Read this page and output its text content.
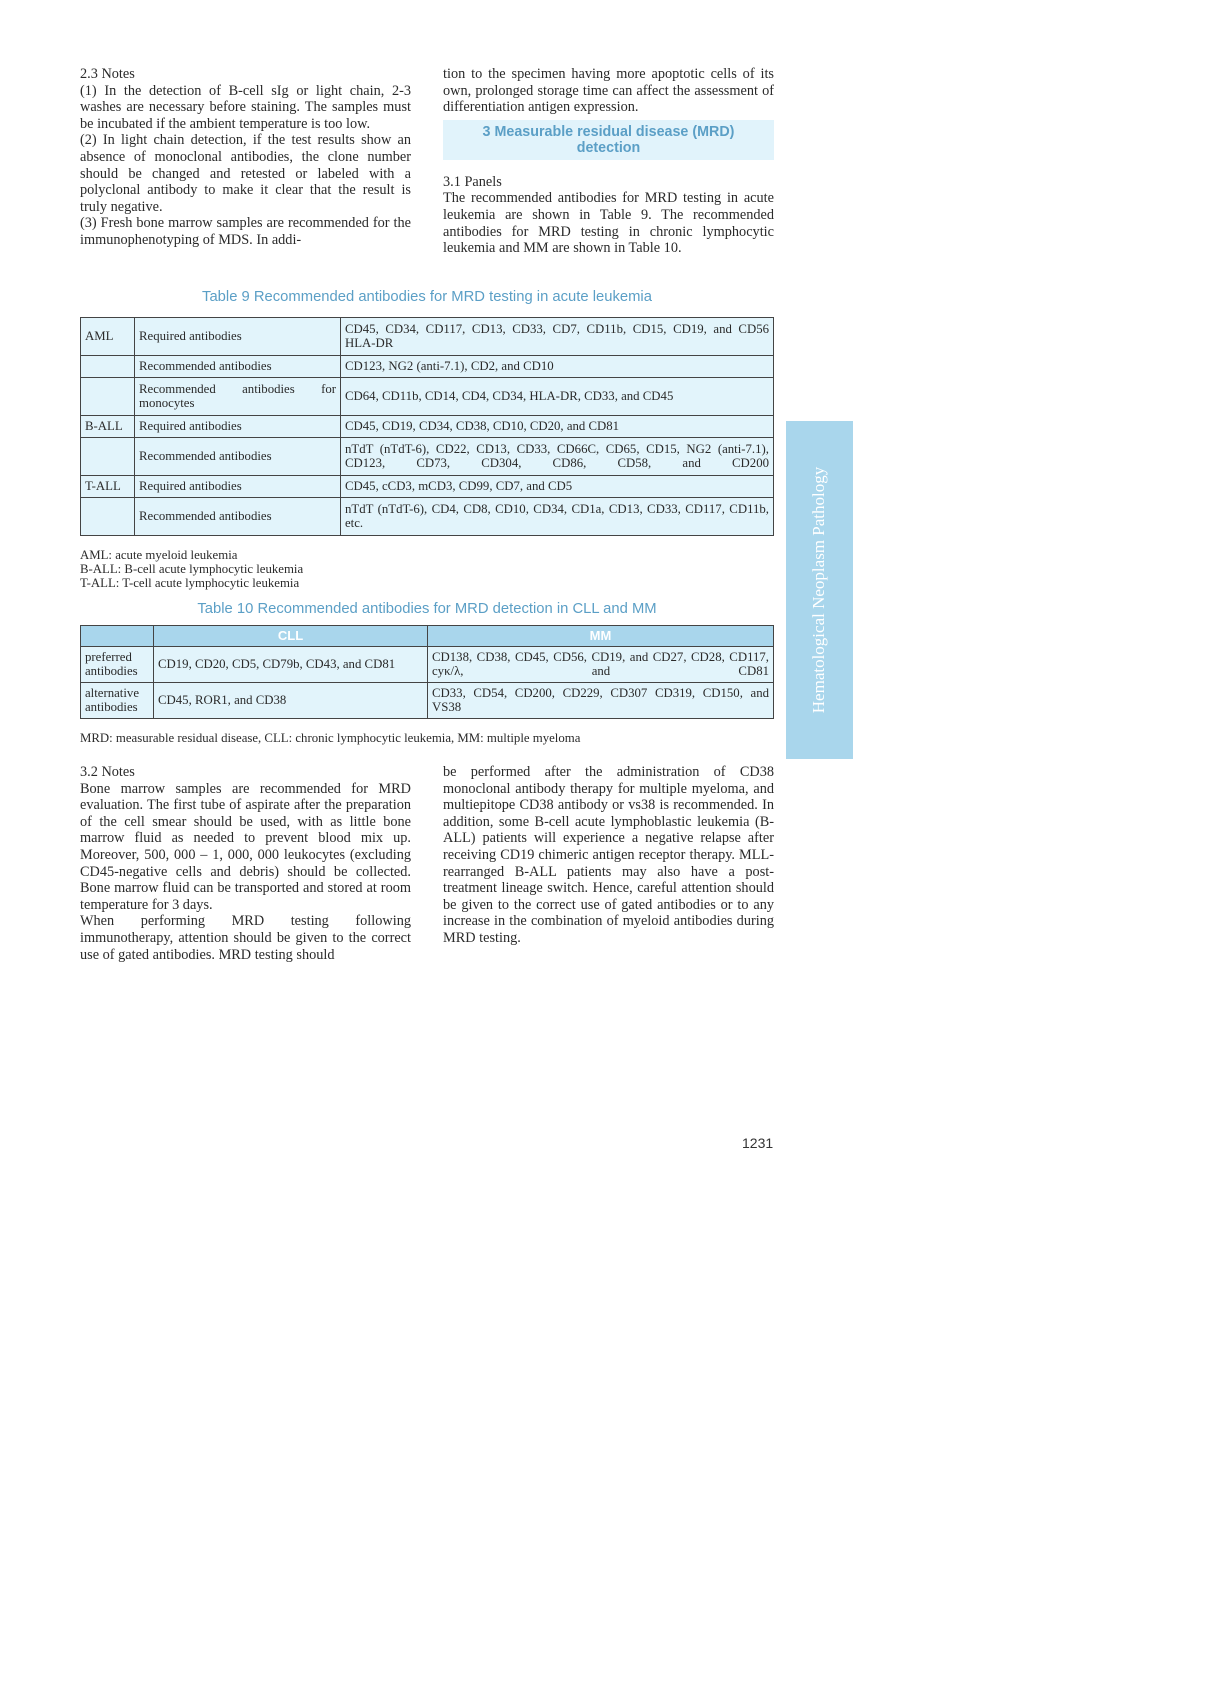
2.3 Notes

(1) In the detection of B-cell sIg or light chain, 2-3 washes are necessary before staining. The samples must be incubated if the ambient temperature is too low.

(2) In light chain detection, if the test results show an absence of monoclonal antibodies, the clone number should be changed and retested or labeled with a polyclonal antibody to make it clear that the result is truly negative.

(3) Fresh bone marrow samples are recommended for the immunophenotyping of MDS. In addi-

tion to the specimen having more apoptotic cells of its own, prolonged storage time can affect the assessment of differentiation antigen expression.

3 Measurable residual disease (MRD) detection

3.1 Panels

The recommended antibodies for MRD testing in acute leukemia are shown in Table 9. The recommended antibodies for MRD testing in chronic lymphocytic leukemia and MM are shown in Table 10.

Table 9 Recommended antibodies for MRD testing in acute leukemia
AML	Required antibodies	CD45, CD34, CD117, CD13, CD33, CD7, CD11b, CD15, CD19, and CD56 HLA-DR
	Recommended antibodies	CD123, NG2 (anti-7.1), CD2, and CD10
	Recommended antibodies for monocytes	CD64, CD11b, CD14, CD4, CD34, HLA-DR, CD33, and CD45
B-ALL	Required antibodies	CD45, CD19, CD34, CD38, CD10, CD20, and CD81
	Recommended antibodies	nTdT (nTdT-6), CD22, CD13, CD33, CD66C, CD65, CD15, NG2 (anti-7.1), CD123, CD73, CD304, CD86, CD58, and CD200
T-ALL	Required antibodies	CD45, cCD3, mCD3, CD99, CD7, and CD5
	Recommended antibodies	nTdT (nTdT-6), CD4, CD8, CD10, CD34, CD1a, CD13, CD33, CD117, CD11b, etc.
AML: acute myeloid leukemia
B-ALL: B-cell acute lymphocytic leukemia
T-ALL: T-cell acute lymphocytic leukemia
Table 10 Recommended antibodies for MRD detection in CLL and MM
	CLL	MM
preferred antibodies	CD19, CD20, CD5, CD79b, CD43, and CD81	CD138, CD38, CD45, CD56, CD19, and CD27, CD28, CD117, cyκ/λ, and CD81
alternative antibodies	CD45, ROR1, and CD38	CD33, CD54, CD200, CD229, CD307 CD319, CD150, and VS38
MRD: measurable residual disease, CLL: chronic lymphocytic leukemia, MM: multiple myeloma

3.2 Notes

Bone marrow samples are recommended for MRD evaluation. The first tube of aspirate after the preparation of the cell smear should be used, with as little bone marrow fluid as needed to prevent blood mix up. Moreover, 500, 000 – 1, 000, 000 leukocytes (excluding CD45-negative cells and debris) should be collected. Bone marrow fluid can be transported and stored at room temperature for 3 days.

When performing MRD testing following immunotherapy, attention should be given to the correct use of gated antibodies. MRD testing should

be performed after the administration of CD38 monoclonal antibody therapy for multiple myeloma, and multiepitope CD38 antibody or vs38 is recommended. In addition, some B-cell acute lymphoblastic leukemia (B-ALL) patients will experience a negative relapse after receiving CD19 chimeric antigen receptor therapy. MLL-rearranged B-ALL patients may also have a post-treatment lineage switch. Hence, careful attention should be given to the correct use of gated antibodies or to any increase in the combination of myeloid antibodies during MRD testing.

Hematological Neoplasm Pathology
1231
